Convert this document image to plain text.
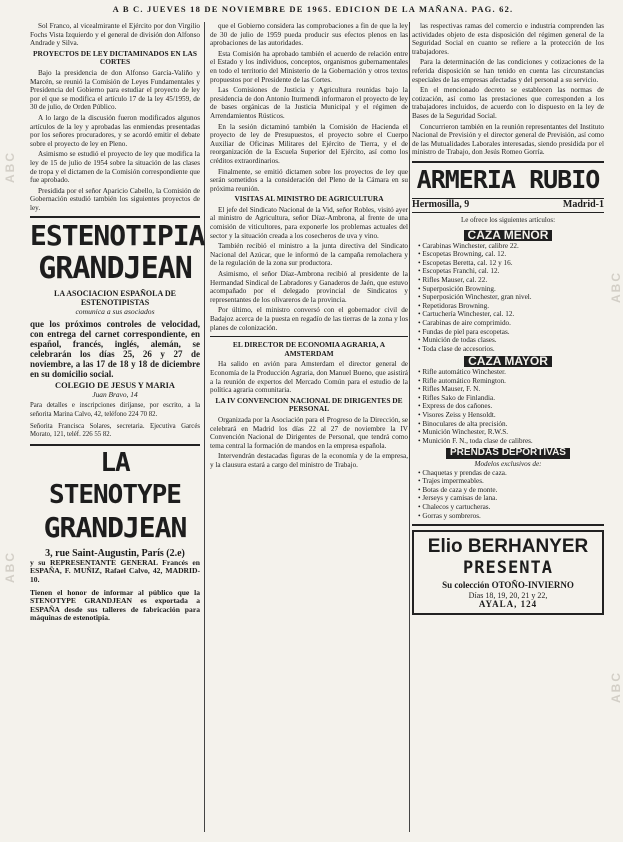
A B C. JUEVES 18 DE NOVIEMBRE DE 1965. EDICION DE LA MAÑANA. PAG. 62.

Sol Franco, al vicealmirante el Ejército por don Virgilio Fochs Vista Izquierdo y el general de división don Alfonso Andrade y Silva.

PROYECTOS DE LEY DICTAMINADOS EN LAS CORTES

Bajo la presidencia de don Alfonso García-Valiño y Marcén, se reunió la Comisión de Leyes Fundamentales y Presidencia del Gobierno para estudiar el proyecto de ley por el que se modifica el artículo 17 de la ley 45/1959, de 30 de julio, de Orden Público.

A lo largo de la discusión fueron modificados algunos artículos de la ley y aprobadas las enmiendas presentadas por los señores procuradores, y se acordó emitir el debate sobre el proyecto de ley en Pleno.

Asimismo se estudió el proyecto de ley que modifica la ley de 15 de julio de 1954 sobre la situación de las clases de tropa y el dictamen de la Comisión correspondiente que fue aprobado.

Presidida por el señor Aparicio Cabello, la Comisión de Gobernación estudió también los siguientes proyectos de ley.

ESTENOTIPIA
GRANDJEAN
LA ASOCIACION ESPAÑOLA DE ESTENOTIPISTAS
comunica a sus asociados
que los próximos controles de velocidad, con entrega del carnet correspondiente, en español, francés, inglés, alemán, se celebrarán los días 25, 26 y 27 de noviembre, a las 17 de 18 y 18 de diciembre en su domicilio social.
COLEGIO DE JESUS Y MARIA
Juan Bravo, 14
Para detalles e inscripciones diríjanse, por escrito, a la señorita Marina Calvo, 42, teléfono 224 70 82.
Señorita Francisca Solares, secretaria. Ejecutiva Garcés Morato, 121, teléf. 226 55 82.
LA
STENOTYPE
GRANDJEAN
3, rue Saint-Augustin, París (2.e)
y su REPRESENTANTE GENERAL Francés en ESPAÑA, F. MUÑIZ, Rafael Calvo, 42, MADRID-10.
Tienen el honor de informar al público que la STENOTYPE GRANDJEAN es exportada a ESPAÑA desde sus talleres de fabricación para máquinas de estenotipia.

que el Gobierno considera las comprobaciones a fin de que la ley de 30 de julio de 1959 pueda producir sus efectos plenos en las aprobaciones de las autoridades.

Esta Comisión ha aprobado también el acuerdo de relación entre el Estado y los individuos, conceptos, organismos gubernamentales en todo el territorio del Ministerio de la Gobernación y otros textos propuestos por el Presidente de las Cortes.

Las Comisiones de Justicia y Agricultura reunidas bajo la presidencia de don Antonio Iturmendi informaron el proyecto de ley de bases orgánicas de la Justicia Municipal y el régimen de Arrendamientos Rústicos.

En la sesión dictaminó también la Comisión de Hacienda el proyecto de ley de Presupuestos, el proyecto sobre el Cuerpo Auxiliar de Oficinas Militares del Ejército de Tierra, y el de reorganización de la Escuela Superior del Ejército, así como los créditos extraordinarios.

Finalmente, se emitió dictamen sobre los proyectos de ley que serán sometidos a la consideración del Pleno de la Cámara en su próxima reunión.

VISITAS AL MINISTRO DE AGRICULTURA

El jefe del Sindicato Nacional de la Vid, señor Robles, visitó ayer al ministro de Agricultura, señor Díaz-Ambrona, al frente de una comisión de viticultores, para exponerle los problemas actuales del sector y la situación creada a los cosecheros de uva y vino.

También recibió el ministro a la junta directiva del Sindicato Nacional del Azúcar, que le informó de la campaña remolachera y de la regulación de la zona sur productora.

Asimismo, el señor Díaz-Ambrona recibió al presidente de la Hermandad Sindical de Labradores y Ganaderos de Jaén, que estuvo acompañado por el delegado provincial de Sindicatos y representantes de los olivareros de la provincia.

Por último, el ministro conversó con el gobernador civil de Badajoz acerca de la puesta en regadío de las tierras de la zona y los planes de colonización.

EL DIRECTOR DE ECONOMIA AGRARIA, A AMSTERDAM

Ha salido en avión para Amsterdam el director general de Economía de la Producción Agraria, don Manuel Bueno, que asistirá a la reunión de expertos del Mercado Común para el estudio de la política agraria comunitaria.

LA IV CONVENCION NACIONAL DE DIRIGENTES DE PERSONAL

Organizada por la Asociación para el Progreso de la Dirección, se celebrará en Madrid los días 22 al 27 de noviembre la IV Convención Nacional de Dirigentes de Personal, que tendrá como tema central la formación de mandos en la empresa española.

Intervendrán destacadas figuras de la economía y de la empresa, y la clausura estará a cargo del ministro de Trabajo.

las respectivas ramas del comercio e industria comprenden las actividades objeto de esta disposición del régimen general de la Seguridad Social en cuanto se refiere a la protección de los trabajadores.

Para la determinación de las condiciones y cotizaciones de la referida disposición se han tenido en cuenta las circunstancias especiales de las empresas afectadas y del personal a su servicio.

En el mencionado decreto se establecen las normas de cotización, así como las prestaciones que corresponden a los trabajadores incluidos, de acuerdo con lo dispuesto en la ley de Bases de la Seguridad Social.

Concurrieron también en la reunión representantes del Instituto Nacional de Previsión y el director general de Previsión, así como de las Mutualidades Laborales interesadas, siendo presidida por el ministro de Trabajo, don Jesús Romeo Gorría.

ARMERIA RUBIO
Hermosilla, 9	Madrid-1
Le ofrece los siguientes artículos:
CAZA MENOR
• Carabinas Winchester, calibre 22.
• Escopetas Browning, cal. 12.
• Escopetas Beretta, cal. 12 y 16.
• Escopetas Franchi, cal. 12.
• Rifles Mauser, cal. 22.
• Superposición Browning.
• Superposición Winchester, gran nivel.
• Repetidoras Browning.
• Cartuchería Winchester, cal. 12.
• Carabinas de aire comprimido.
• Fundas de piel para escopetas.
• Munición de todas clases.
• Toda clase de accesorios.
CAZA MAYOR
• Rifle automático Winchester.
• Rifle automático Remington.
• Rifles Mauser, F. N.
• Rifles Sako de Finlandia.
• Express de dos cañones.
• Visores Zeiss y Hensoldt.
• Binoculares de alta precisión.
• Munición Winchester, R.W.S.
• Munición F. N., toda clase de calibres.
PRENDAS DEPORTIVAS
Modelos exclusivos de:
• Chaquetas y prendas de caza.
• Trajes impermeables.
• Botas de caza y de monte.
• Jerseys y camisas de lana.
• Chalecos y cartucheras.
• Gorras y sombreros.
Elio BERHANYER
PRESENTA
Su colección OTOÑO-INVIERNO
Días 18, 19, 20, 21 y 22,
AYALA, 124
ABC
ABC
ABC
ABC
